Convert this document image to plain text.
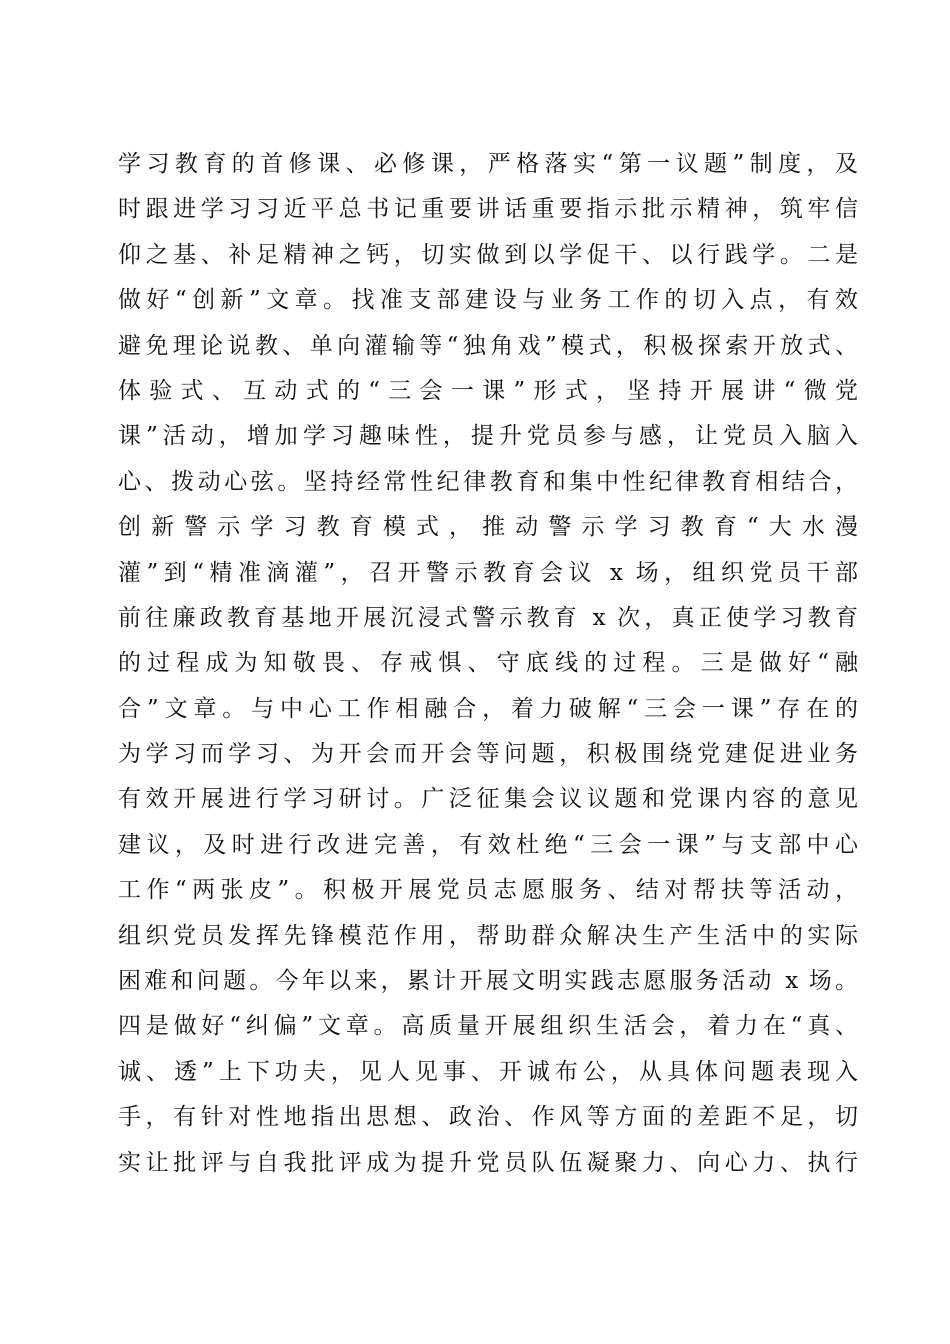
学习教育的首修课、必修课，严格落实“第一议题”制度，及
时跟进学习习近平总书记重要讲话重要指示批示精神，筑牢信
仰之基、补足精神之钙，切实做到以学促干、以行践学。二是
做好“创新”文章。找准支部建设与业务工作的切入点，有效
避免理论说教、单向灌输等“独角戏”模式，积极探索开放式、
体验式、互动式的“三会一课”形式，坚持开展讲“微党
课”活动，增加学习趣味性，提升党员参与感，让党员入脑入
心、拨动心弦。坚持经常性纪律教育和集中性纪律教育相结合，
创新警示学习教育模式，推动警示学习教育“大水漫
灌”到“精准滴灌”，召开警示教育会议 x 场，组织党员干部
前往廉政教育基地开展沉浸式警示教育 x 次，真正使学习教育
的过程成为知敬畏、存戒惧、守底线的过程。三是做好“融
合”文章。与中心工作相融合，着力破解“三会一课”存在的
为学习而学习、为开会而开会等问题，积极围绕党建促进业务
有效开展进行学习研讨。广泛征集会议议题和党课内容的意见
建议，及时进行改进完善，有效杜绝“三会一课”与支部中心
工作“两张皮”。积极开展党员志愿服务、结对帮扶等活动，
组织党员发挥先锋模范作用，帮助群众解决生产生活中的实际
困难和问题。今年以来，累计开展文明实践志愿服务活动 x 场。
四是做好“纠偏”文章。高质量开展组织生活会，着力在“真、
诚、透”上下功夫，见人见事、开诚布公，从具体问题表现入
手，有针对性地指出思想、政治、作风等方面的差距不足，切
实让批评与自我批评成为提升党员队伍凝聚力、向心力、执行
